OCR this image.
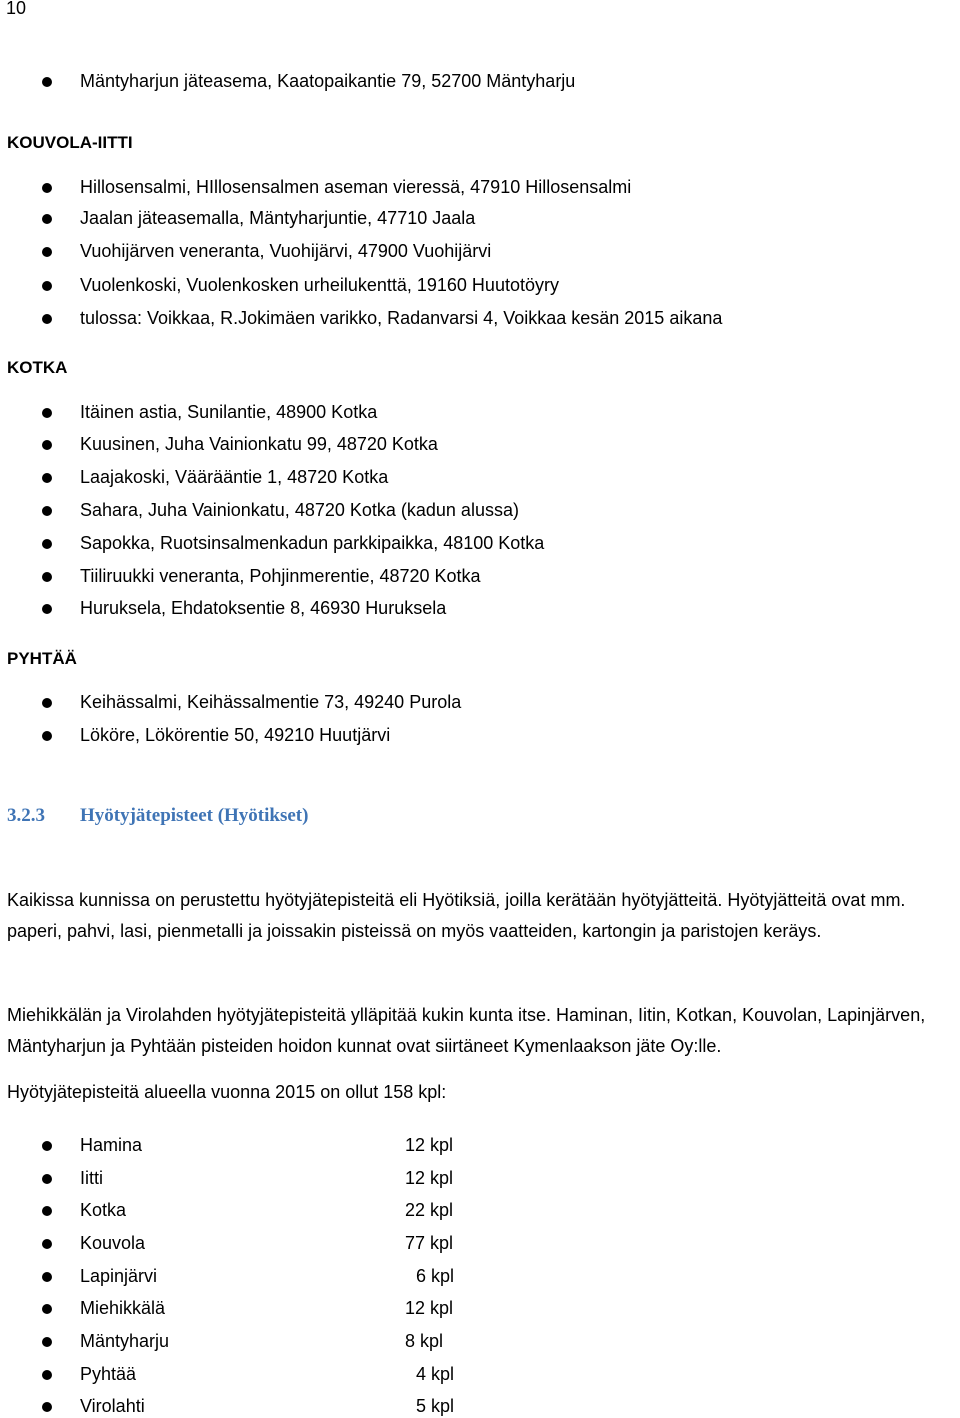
10
Mäntyharjun jäteasema, Kaatopaikantie 79, 52700 Mäntyharju
KOUVOLA-IITTI
Hillosensalmi, HIllosensalmen aseman vieressä, 47910 Hillosensalmi
Jaalan jäteasemalla, Mäntyharjuntie, 47710 Jaala
Vuohijärven veneranta, Vuohijärvi, 47900 Vuohijärvi
Vuolenkoski, Vuolenkosken urheilukenttä, 19160 Huutotöyry
tulossa: Voikkaa, R.Jokimäen varikko, Radanvarsi 4, Voikkaa kesän 2015 aikana
KOTKA
Itäinen astia, Sunilantie, 48900 Kotka
Kuusinen, Juha Vainionkatu 99, 48720 Kotka
Laajakoski, Väärääntie 1, 48720 Kotka
Sahara, Juha Vainionkatu, 48720 Kotka (kadun alussa)
Sapokka, Ruotsinsalmenkadun parkkipaikka, 48100 Kotka
Tiiliruukki veneranta, Pohjinmerentie, 48720 Kotka
Huruksela, Ehdatoksentie 8, 46930 Huruksela
PYHTÄÄ
Keihässalmi, Keihässalmentie 73, 49240 Purola
Lököre, Lökörentie 50, 49210 Huutjärvi
3.2.3 Hyötyjätepisteet (Hyötikset)
Kaikissa kunnissa on perustettu hyötyjätepisteitä eli Hyötiksiä, joilla kerätään hyötyjätteitä. Hyötyjätteitä ovat mm. paperi, pahvi, lasi, pienmetalli ja joissakin pisteissä on myös vaatteiden, kartongin ja paristojen keräys.
Miehikkälän ja Virolahden hyötyjätepisteitä ylläpitää kukin kunta itse. Haminan, Iitin, Kotkan, Kouvolan, Lapinjärven, Mäntyharjun ja Pyhtään pisteiden hoidon kunnat ovat siirtäneet Kymenlaakson jäte Oy:lle.
Hyötyjätepisteitä alueella vuonna 2015 on ollut 158 kpl:
Hamina	12 kpl
Iitti	12 kpl
Kotka	22 kpl
Kouvola	77 kpl
Lapinjärvi	6 kpl
Miehikkälä	12 kpl
Mäntyharju	8 kpl
Pyhtää	4 kpl
Virolahti	5 kpl
